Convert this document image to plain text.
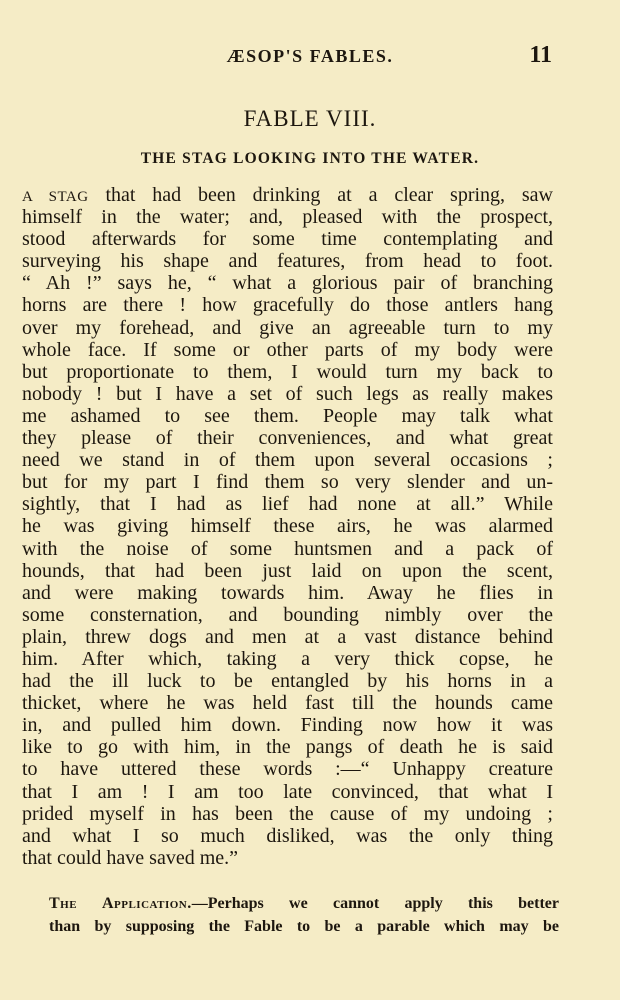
ÆSOP'S FABLES.	11
FABLE VIII.
THE STAG LOOKING INTO THE WATER.
A STAG that had been drinking at a clear spring, saw
himself in the water; and, pleased with the prospect,
stood afterwards for some time contemplating and
surveying his shape and features, from head to foot.
“ Ah !” says he, “ what a glorious pair of branching
horns are there ! how gracefully do those antlers hang
over my forehead, and give an agreeable turn to my
whole face. If some or other parts of my body were
but proportionate to them, I would turn my back to
nobody ! but I have a set of such legs as really makes
me ashamed to see them. People may talk what
they please of their conveniences, and what great
need we stand in of them upon several occasions ;
but for my part I find them so very slender and un-
sightly, that I had as lief had none at all.” While
he was giving himself these airs, he was alarmed
with the noise of some huntsmen and a pack of
hounds, that had been just laid on upon the scent,
and were making towards him. Away he flies in
some consternation, and bounding nimbly over the
plain, threw dogs and men at a vast distance behind
him. After which, taking a very thick copse, he
had the ill luck to be entangled by his horns in a
thicket, where he was held fast till the hounds came
in, and pulled him down. Finding now how it was
like to go with him, in the pangs of death he is said
to have uttered these words :—“ Unhappy creature
that I am ! I am too late convinced, that what I
prided myself in has been the cause of my undoing ;
and what I so much disliked, was the only thing
that could have saved me.”
The Application.—Perhaps we cannot apply this better
than by supposing the Fable to be a parable which may be
